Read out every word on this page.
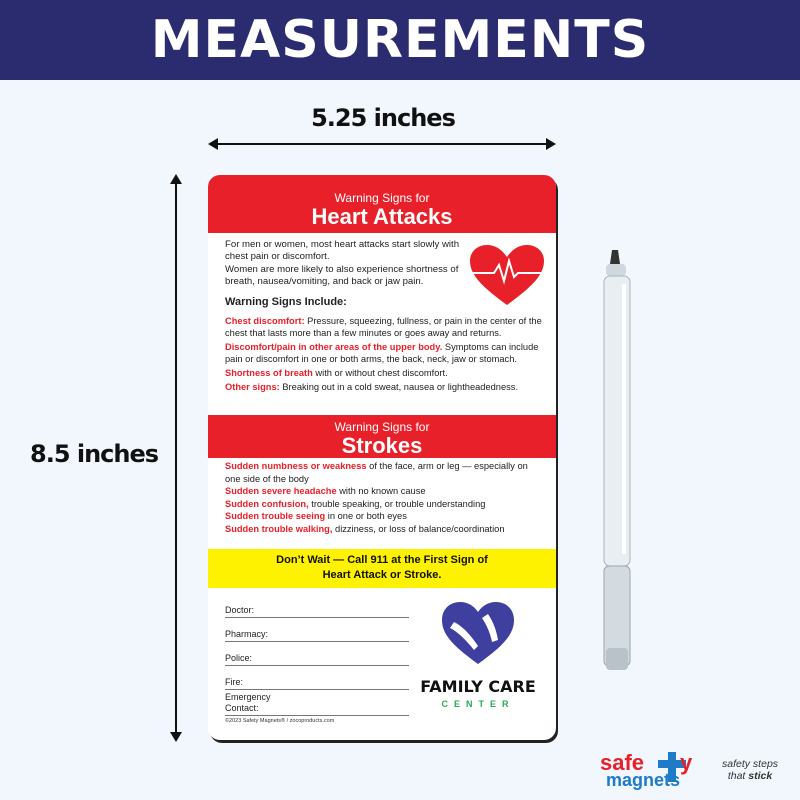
MEASUREMENTS
5.25 inches
8.5 inches
Warning Signs for
Heart Attacks

For men or women, most heart attacks start slowly with chest pain or discomfort.

Women are more likely to also experience shortness of breath, nausea/vomiting, and back or jaw pain.

Warning Signs Include:
Chest discomfort: Pressure, squeezing, fullness, or pain in the center of the chest that lasts more than a few minutes or goes away and returns.
Discomfort/pain in other areas of the upper body. Symptoms can include pain or discomfort in one or both arms, the back, neck, jaw or stomach.
Shortness of breath with or without chest discomfort.
Other signs: Breaking out in a cold sweat, nausea or lightheadedness.
Warning Signs for
Strokes
Sudden numbness or weakness of the face, arm or leg — especially on one side of the body
Sudden severe headache with no known cause
Sudden confusion, trouble speaking, or trouble understanding
Sudden trouble seeing in one or both eyes
Sudden trouble walking, dizziness, or loss of balance/coordination
Don’t Wait — Call 911 at the First Sign of
Heart Attack or Stroke.
Doctor:
Pharmacy:
Police:
Fire:
Emergency
Contact:
©2023 Safety Magnets® / zocoproducts.com
FAMILY CARE
CENTER
safe y
magnets
safety steps
that stick
